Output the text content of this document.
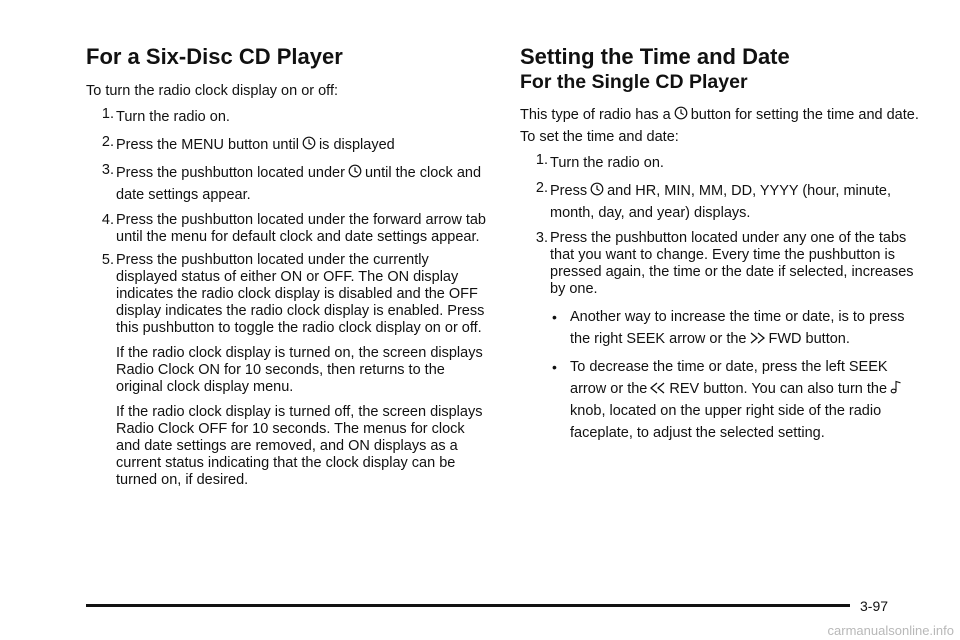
For a Six-Disc CD Player

To turn the radio clock display on or off:

1. Turn the radio on.
2. Press the MENU button until is displayed
3. Press the pushbutton located under until the clock and date settings appear.
4. Press the pushbutton located under the forward arrow tab until the menu for default clock and date settings appear.
5. Press the pushbutton located under the currently displayed status of either ON or OFF. The ON display indicates the radio clock display is disabled and the OFF display indicates the radio clock display is enabled. Press this pushbutton to toggle the radio clock display on or off.

If the radio clock display is turned on, the screen displays Radio Clock ON for 10 seconds, then returns to the original clock display menu.

If the radio clock display is turned off, the screen displays Radio Clock OFF for 10 seconds. The menus for clock and date settings are removed, and ON displays as a current status indicating that the clock display can be turned on, if desired.

Setting the Time and Date
For the Single CD Player

This type of radio has a button for setting the time and date. To set the time and date:

1. Turn the radio on.
2. Press and HR, MIN, MM, DD, YYYY (hour, minute, month, day, and year) displays.
3. Press the pushbutton located under any one of the tabs that you want to change. Every time the pushbutton is pressed again, the time or the date if selected, increases by one.
• Another way to increase the time or date, is to press the right SEEK arrow or the FWD button.
• To decrease the time or date, press the left SEEK arrow or the REV button. You can also turn the
knob, located on the upper right side of the radio faceplate, to adjust the selected setting.
3-97
carmanualsonline.info
